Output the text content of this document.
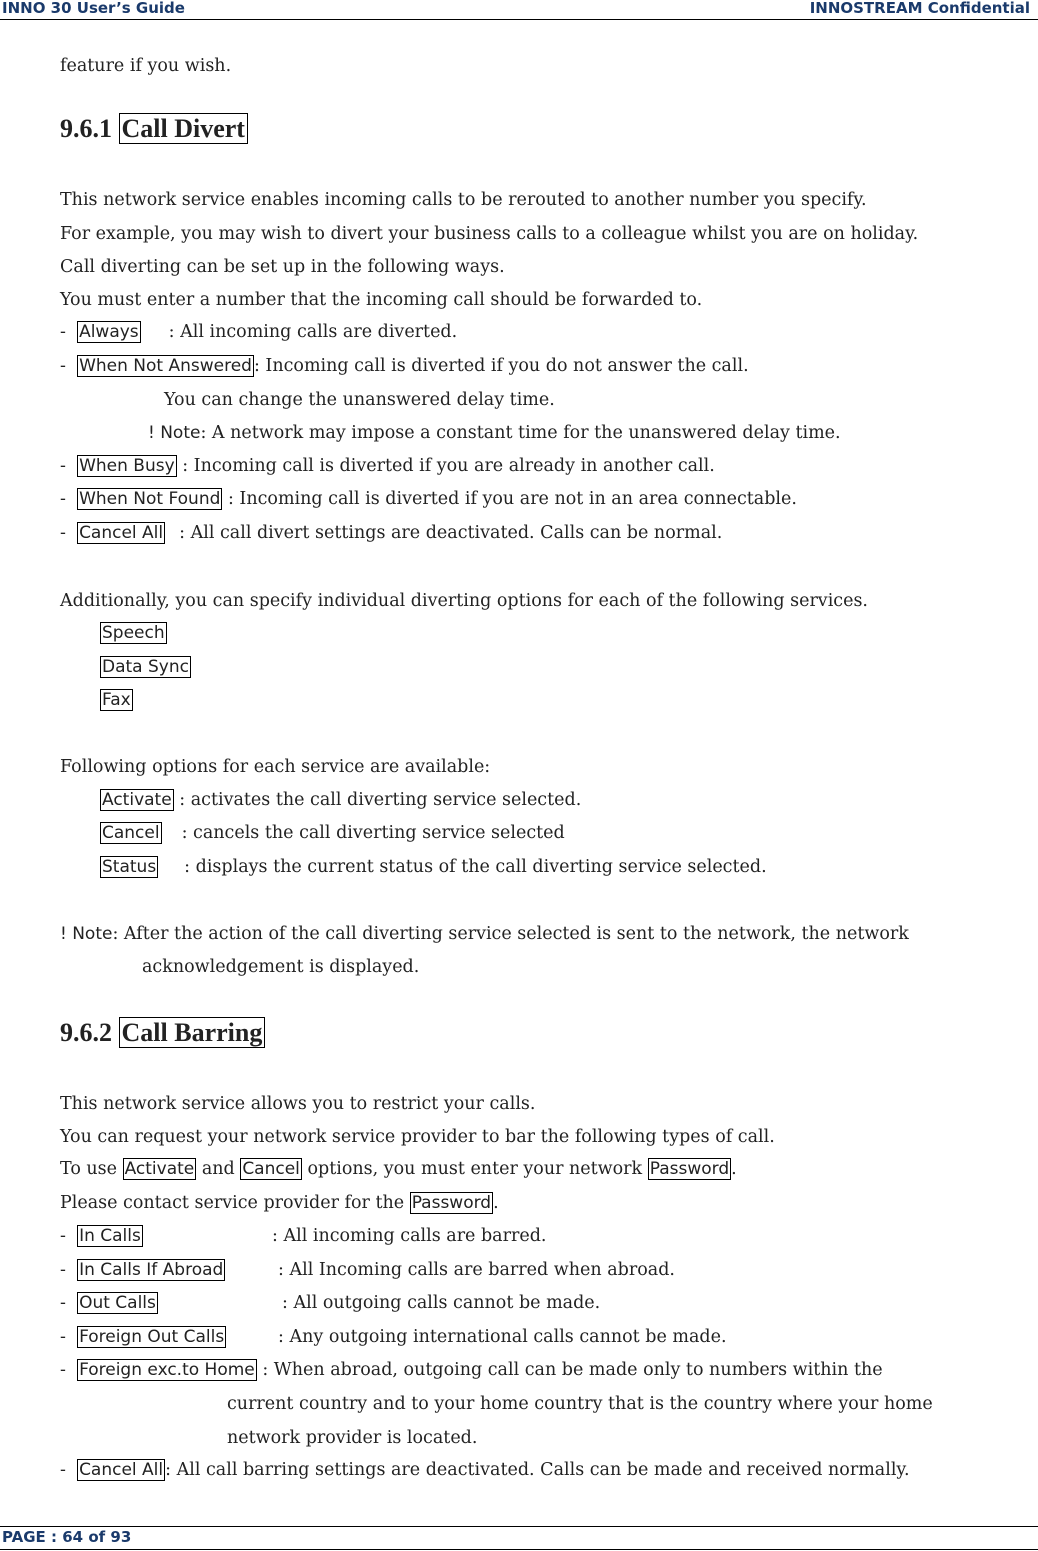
INNO 30 User’s Guide	INNOSTREAM Confidential
feature if you wish.
9.6.1 Call Divert
This network service enables incoming calls to be rerouted to another number you specify.
For example, you may wish to divert your business calls to a colleague whilst you are on holiday.
Call diverting can be set up in the following ways.
You must enter a number that the incoming call should be forwarded to.
- Always : All incoming calls are diverted.
- When Not Answered : Incoming call is diverted if you do not answer the call.
You can change the unanswered delay time.
! Note: A network may impose a constant time for the unanswered delay time.
- When Busy : Incoming call is diverted if you are already in another call.
- When Not Found : Incoming call is diverted if you are not in an area connectable.
- Cancel All : All call divert settings are deactivated. Calls can be normal.
Additionally, you can specify individual diverting options for each of the following services.
Speech
Data Sync
Fax
Following options for each service are available:
Activate : activates the call diverting service selected.
Cancel : cancels the call diverting service selected
Status : displays the current status of the call diverting service selected.
! Note: After the action of the call diverting service selected is sent to the network, the network
acknowledgement is displayed.
9.6.2 Call Barring
This network service allows you to restrict your calls.
You can request your network service provider to bar the following types of call.
To use Activate and Cancel options, you must enter your network Password .
Please contact service provider for the Password .
- In Calls	: All incoming calls are barred.
- In Calls If Abroad	: All Incoming calls are barred when abroad.
- Out Calls	: All outgoing calls cannot be made.
- Foreign Out Calls	: Any outgoing international calls cannot be made.
- Foreign exc.to Home : When abroad, outgoing call can be made only to numbers within the
current country and to your home country that is the country where your home
network provider is located.
- Cancel All : All call barring settings are deactivated. Calls can be made and received normally.
PAGE : 64 of 93
